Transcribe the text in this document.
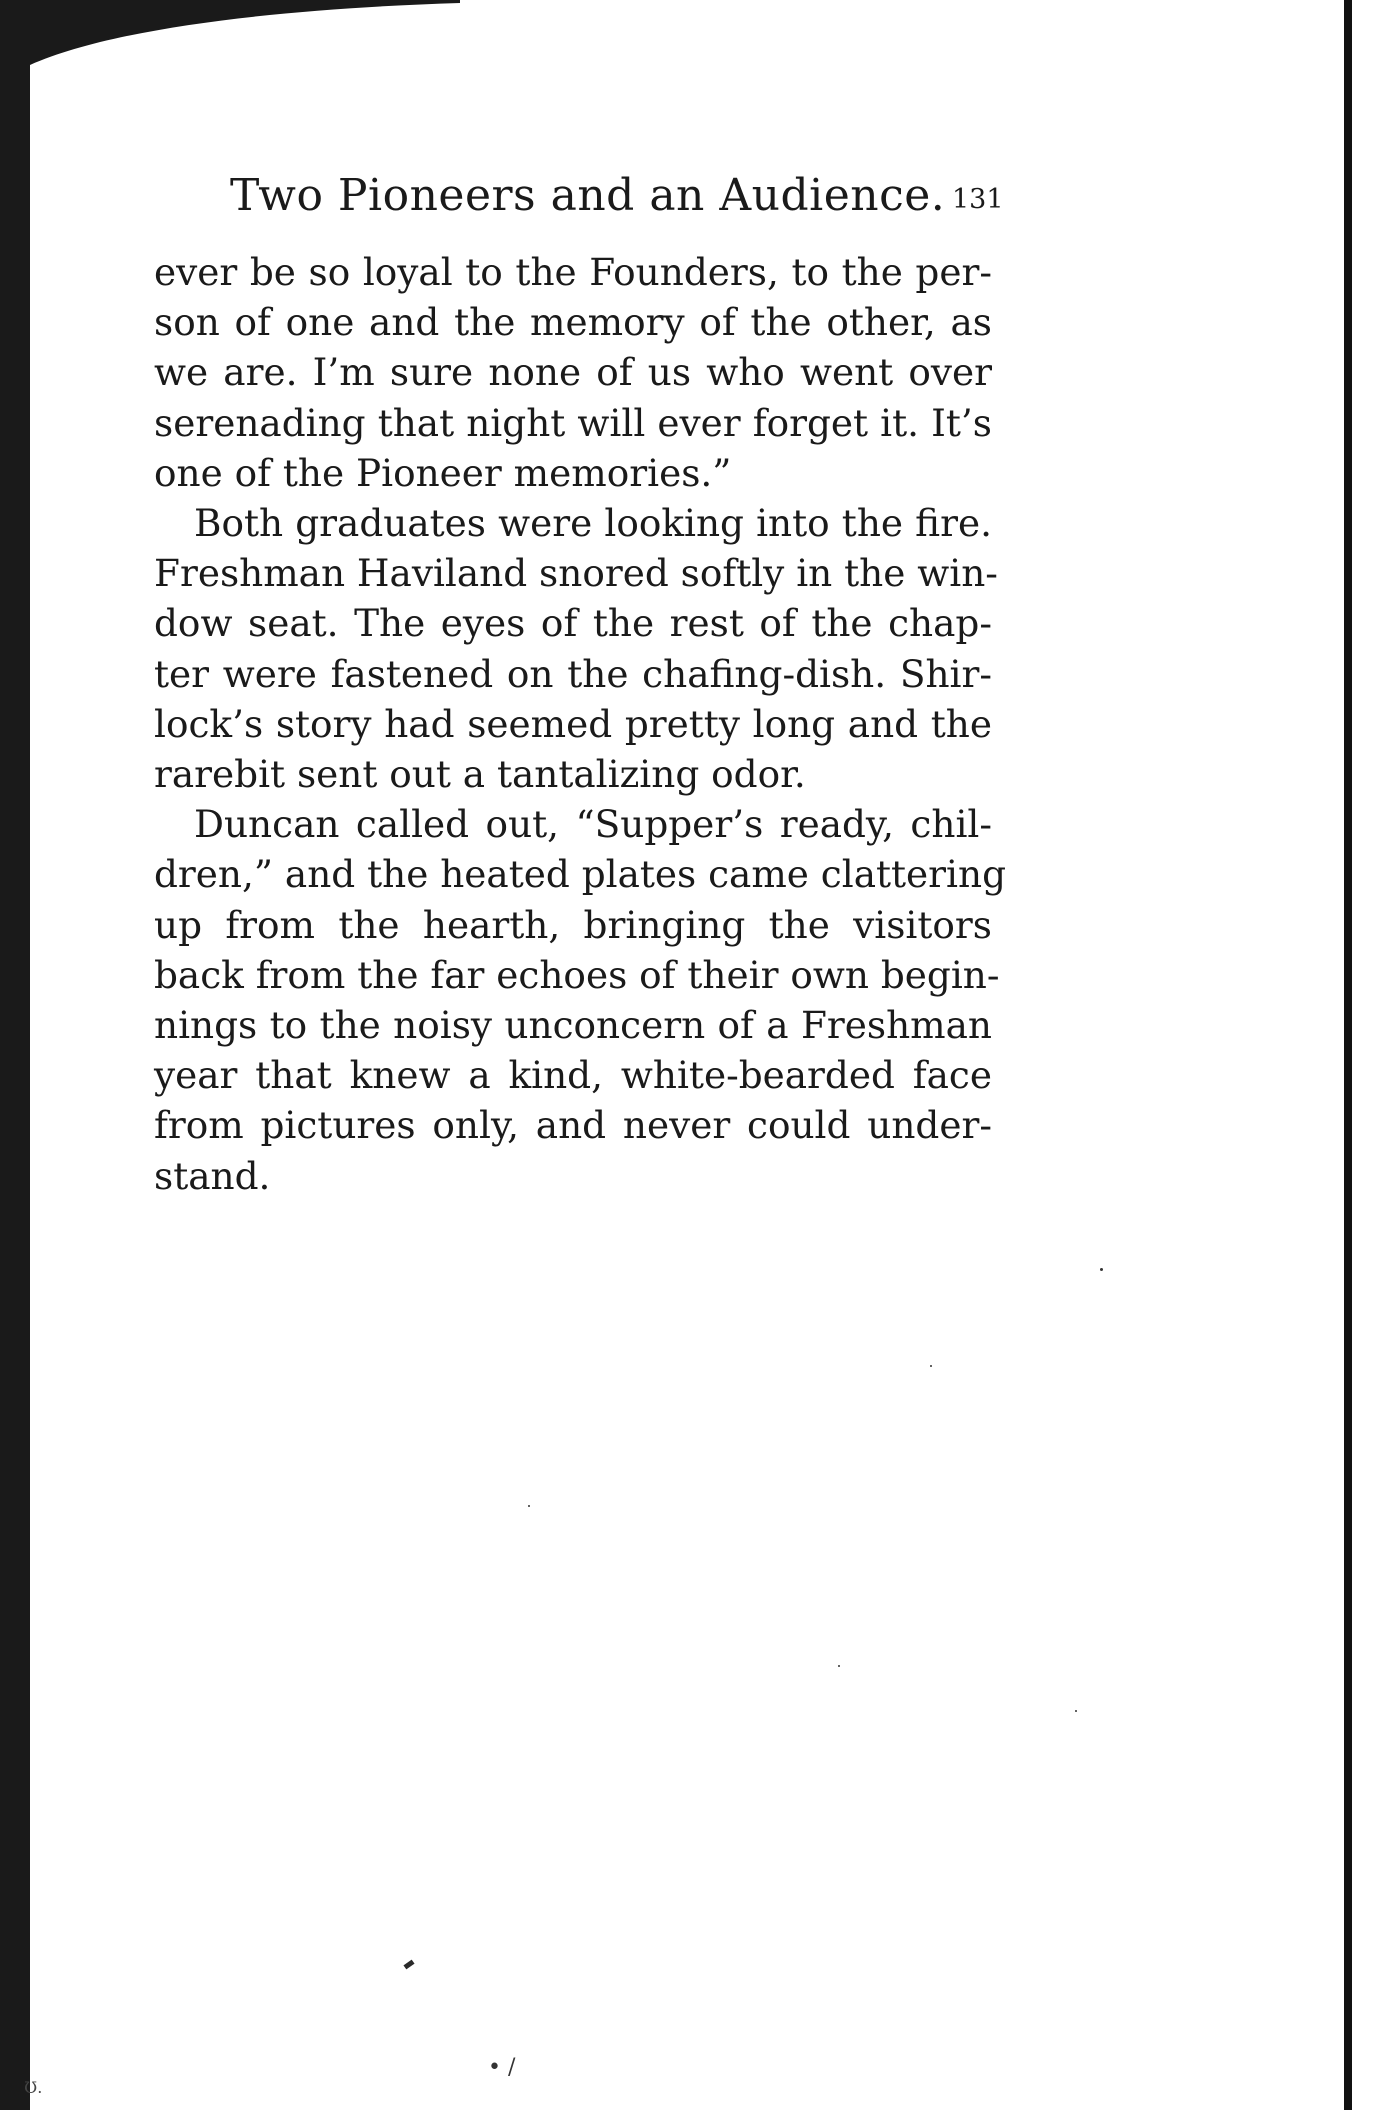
Two Pioneers and an Audience. 131
ever be so loyal to the Founders, to the per-
son of one and the memory of the other, as
we are. I’m sure none of us who went over
serenading that night will ever forget it. It’s
one of the Pioneer memories.”
Both graduates were looking into the fire.
Freshman Haviland snored softly in the win-
dow seat. The eyes of the rest of the chap-
ter were fastened on the chafing-dish. Shir-
lock’s story had seemed pretty long and the
rarebit sent out a tantalizing odor.
Duncan called out, “Supper’s ready, chil-
dren,” and the heated plates came clattering
up from the hearth, bringing the visitors
back from the far echoes of their own begin-
nings to the noisy unconcern of a Freshman
year that knew a kind, white-bearded face
from pictures only, and never could under-
stand.
• /
Ʊ.
